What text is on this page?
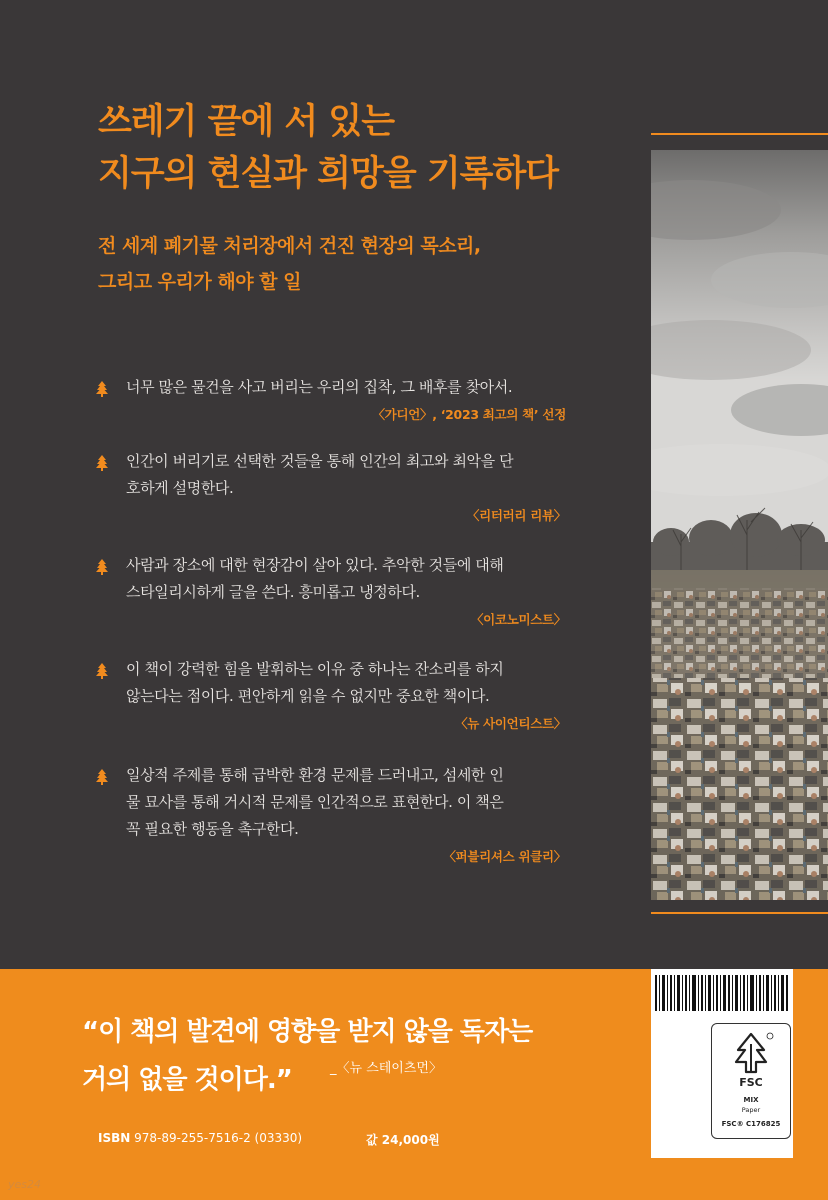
쓰레기 끝에 서 있는
지구의 현실과 희망을 기록하다
전 세계 폐기물 처리장에서 건진 현장의 목소리,
그리고 우리가 해야 할 일
너무 많은 물건을 사고 버리는 우리의 집착, 그 배후를 찾아서.
〈가디언〉, ‘2023 최고의 책’ 선정
인간이 버리기로 선택한 것들을 통해 인간의 최고와 최악을 단
호하게 설명한다.
〈리터러리 리뷰〉
사람과 장소에 대한 현장감이 살아 있다. 추악한 것들에 대해
스타일리시하게 글을 쓴다. 흥미롭고 냉정하다.
〈이코노미스트〉
이 책이 강력한 힘을 발휘하는 이유 중 하나는 잔소리를 하지
않는다는 점이다. 편안하게 읽을 수 없지만 중요한 책이다.
〈뉴 사이언티스트〉
일상적 주제를 통해 급박한 환경 문제를 드러내고, 섬세한 인
물 묘사를 통해 거시적 문제를 인간적으로 표현한다. 이 책은
꼭 필요한 행동을 촉구한다.
〈퍼블리셔스 위클리〉
“이 책의 발견에 영향을 받지 않을 독자는
거의 없을 것이다.”	_〈뉴 스테이츠먼〉
ISBN 978-89-255-7516-2 (03330)	값 24,000원
yes24
FSC
MIX
Paper
FSC® C176825
